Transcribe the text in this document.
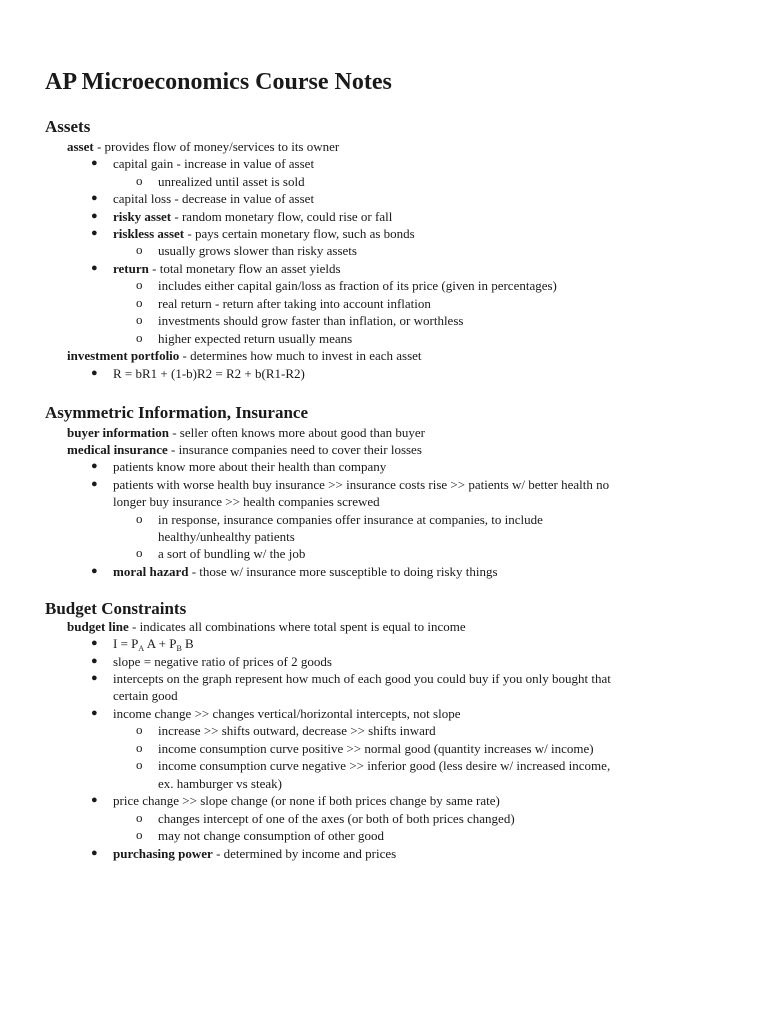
AP Microeconomics Course Notes
Assets
asset - provides flow of money/services to its owner
● capital gain - increase in value of asset
o unrealized until asset is sold
● capital loss - decrease in value of asset
● risky asset - random monetary flow, could rise or fall
● riskless asset - pays certain monetary flow, such as bonds
o usually grows slower than risky assets
● return - total monetary flow an asset yields
o includes either capital gain/loss as fraction of its price (given in percentages)
o real return - return after taking into account inflation
o investments should grow faster than inflation, or worthless
o higher expected return usually means
investment portfolio - determines how much to invest in each asset
● R = bR1 + (1-b)R2 = R2 + b(R1-R2)
Asymmetric Information, Insurance
buyer information - seller often knows more about good than buyer
medical insurance - insurance companies need to cover their losses
● patients know more about their health than company
● patients with worse health buy insurance >> insurance costs rise >> patients w/ better health no
longer buy insurance >> health companies screwed
o in response, insurance companies offer insurance at companies, to include
healthy/unhealthy patients
o a sort of bundling w/ the job
● moral hazard - those w/ insurance more susceptible to doing risky things
Budget Constraints
budget line - indicates all combinations where total spent is equal to income
● $I = P_A$ $A + P_B$ B
● slope = negative ratio of prices of 2 goods
● intercepts on the graph represent how much of each good you could buy if you only bought that
certain good
● income change >> changes vertical/horizontal intercepts, not slope
o increase >> shifts outward, decrease >> shifts inward
o income consumption curve positive >> normal good (quantity increases w/ income)
o income consumption curve negative >> inferior good (less desire w/ increased income,
ex. hamburger vs steak)
● price change >> slope change (or none if both prices change by same rate)
o changes intercept of one of the axes (or both of both prices changed)
o may not change consumption of other good
● purchasing power - determined by income and prices
